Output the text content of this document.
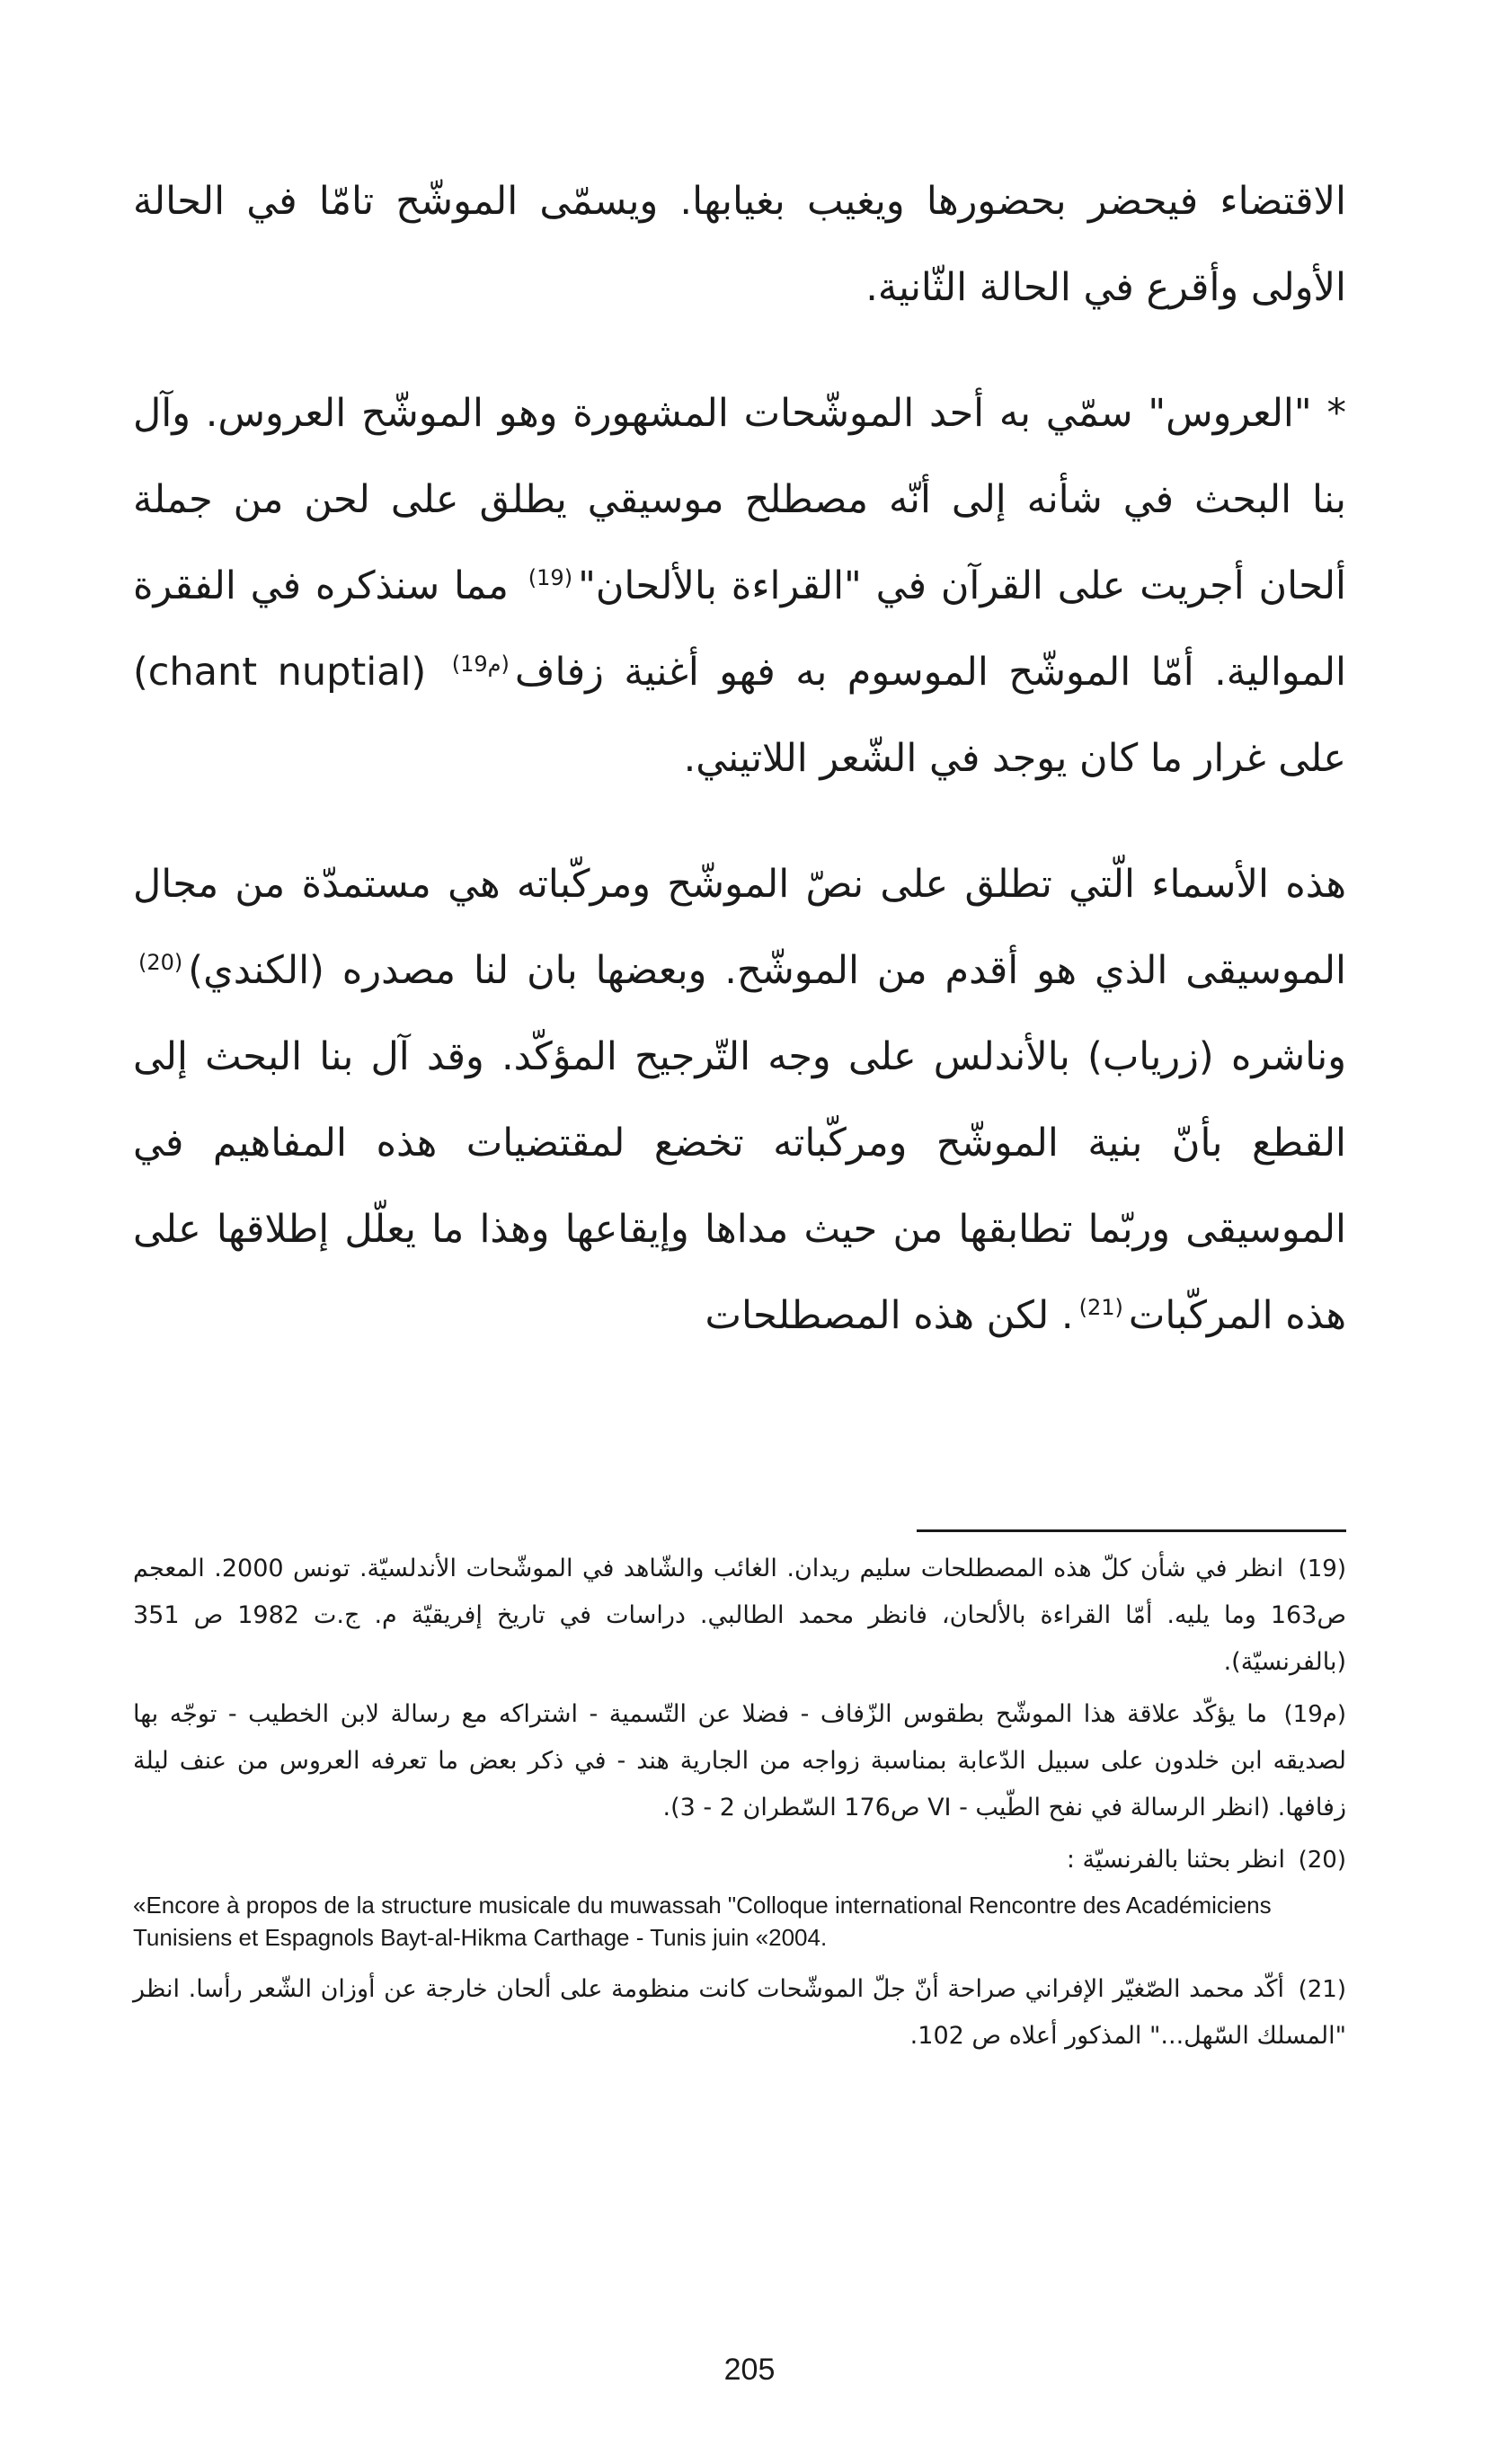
الاقتضاء فيحضر بحضورها ويغيب بغيابها. ويسمّى الموشّح تامّا في الحالة الأولى وأقرع في الحالة الثّانية.

* "العروس" سمّي به أحد الموشّحات المشهورة وهو الموشّح العروس. وآل بنا البحث في شأنه إلى أنّه مصطلح موسيقي يطلق على لحن من جملة ألحان أجريت على القرآن في "القراءة بالألحان"$^{(19)}$ مما سنذكره في الفقرة الموالية. أمّا الموشّح الموسوم به فهو أغنية زفاف$^{(م19)}$ (chant nuptial) على غرار ما كان يوجد في الشّعر اللاتيني.

هذه الأسماء الّتي تطلق على نصّ الموشّح ومركّباته هي مستمدّة من مجال الموسيقى الذي هو أقدم من الموشّح. وبعضها بان لنا مصدره (الكندي)$^{(20)}$ وناشره (زرياب) بالأندلس على وجه التّرجيح المؤكّد. وقد آل بنا البحث إلى القطع بأنّ بنية الموشّح ومركّباته تخضع لمقتضيات هذه المفاهيم في الموسيقى وربّما تطابقها من حيث مداها وإيقاعها وهذا ما يعلّل إطلاقها على هذه المركّبات$^{(21)}$. لكن هذه المصطلحات

(19) انظر في شأن كلّ هذه المصطلحات سليم ريدان. الغائب والشّاهد في الموشّحات الأندلسيّة. تونس 2000. المعجم ص163 وما يليه. أمّا القراءة بالألحان، فانظر محمد الطالبي. دراسات في تاريخ إفريقيّة م. ج.ت 1982 ص 351 (بالفرنسيّة).
(م19) ما يؤكّد علاقة هذا الموشّح بطقوس الزّفاف - فضلا عن التّسمية - اشتراكه مع رسالة لابن الخطيب - توجّه بها لصديقه ابن خلدون على سبيل الدّعابة بمناسبة زواجه من الجارية هند - في ذكر بعض ما تعرفه العروس من عنف ليلة زفافها. (انظر الرسالة في نفح الطّيب - VI ص176 السّطران 2 - 3).
(20) انظر بحثنا بالفرنسيّة :
«Encore à propos de la structure musicale du muwassah "Colloque international Rencontre des Académiciens Tunisiens et Espagnols Bayt-al-Hikma Carthage - Tunis juin «2004.
(21) أكّد محمد الصّغيّر الإفراني صراحة أنّ جلّ الموشّحات كانت منظومة على ألحان خارجة عن أوزان الشّعر رأسا. انظر "المسلك السّهل..." المذكور أعلاه ص 102.
205
